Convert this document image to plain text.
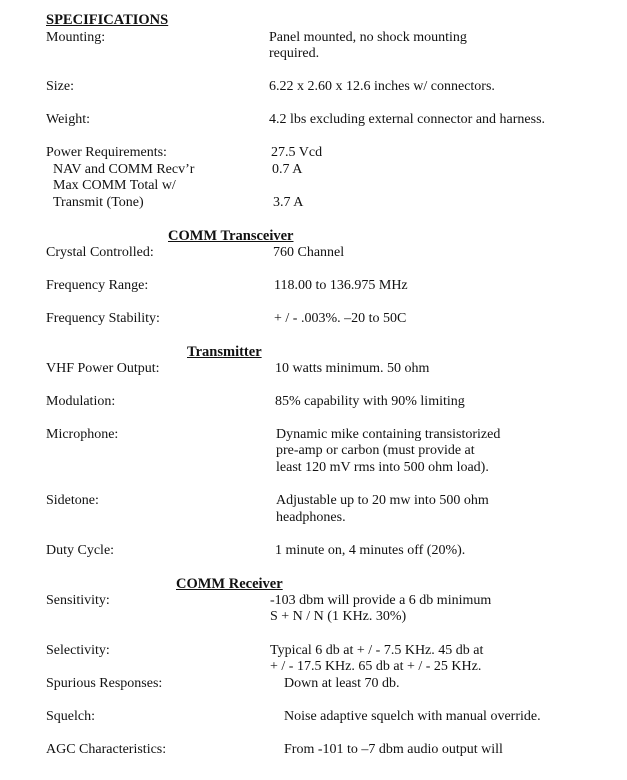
SPECIFICATIONS
Mounting:	Panel mounted, no shock mounting
required.
Size:	6.22 x 2.60 x 12.6 inches w/ connectors.
Weight:	4.2 lbs excluding external connector and harness.
Power Requirements:	27.5 Vcd
NAV and COMM Recv’r	0.7 A
Max COMM Total w/
Transmit (Tone)	3.7 A
COMM Transceiver
Crystal Controlled:	760 Channel
Frequency Range:	118.00 to 136.975 MHz
Frequency Stability:	+ / - .003%. –20 to 50C
Transmitter
VHF Power Output:	10 watts minimum. 50 ohm
Modulation:	85% capability with 90% limiting
Microphone:	Dynamic mike containing transistorized
pre-amp or carbon (must provide at
least 120 mV rms into 500 ohm load).
Sidetone:	Adjustable up to 20 mw into 500 ohm
headphones.
Duty Cycle:	1 minute on, 4 minutes off (20%).
COMM Receiver
Sensitivity:	-103 dbm will provide a 6 db minimum
S + N / N (1 KHz. 30%)
Selectivity:	Typical 6 db at + / - 7.5 KHz. 45 db at
+ / - 17.5 KHz. 65 db at + / - 25 KHz.
Spurious Responses:	Down at least 70 db.
Squelch:	Noise adaptive squelch with manual override.
AGC Characteristics:	From -101 to –7 dbm audio output will
